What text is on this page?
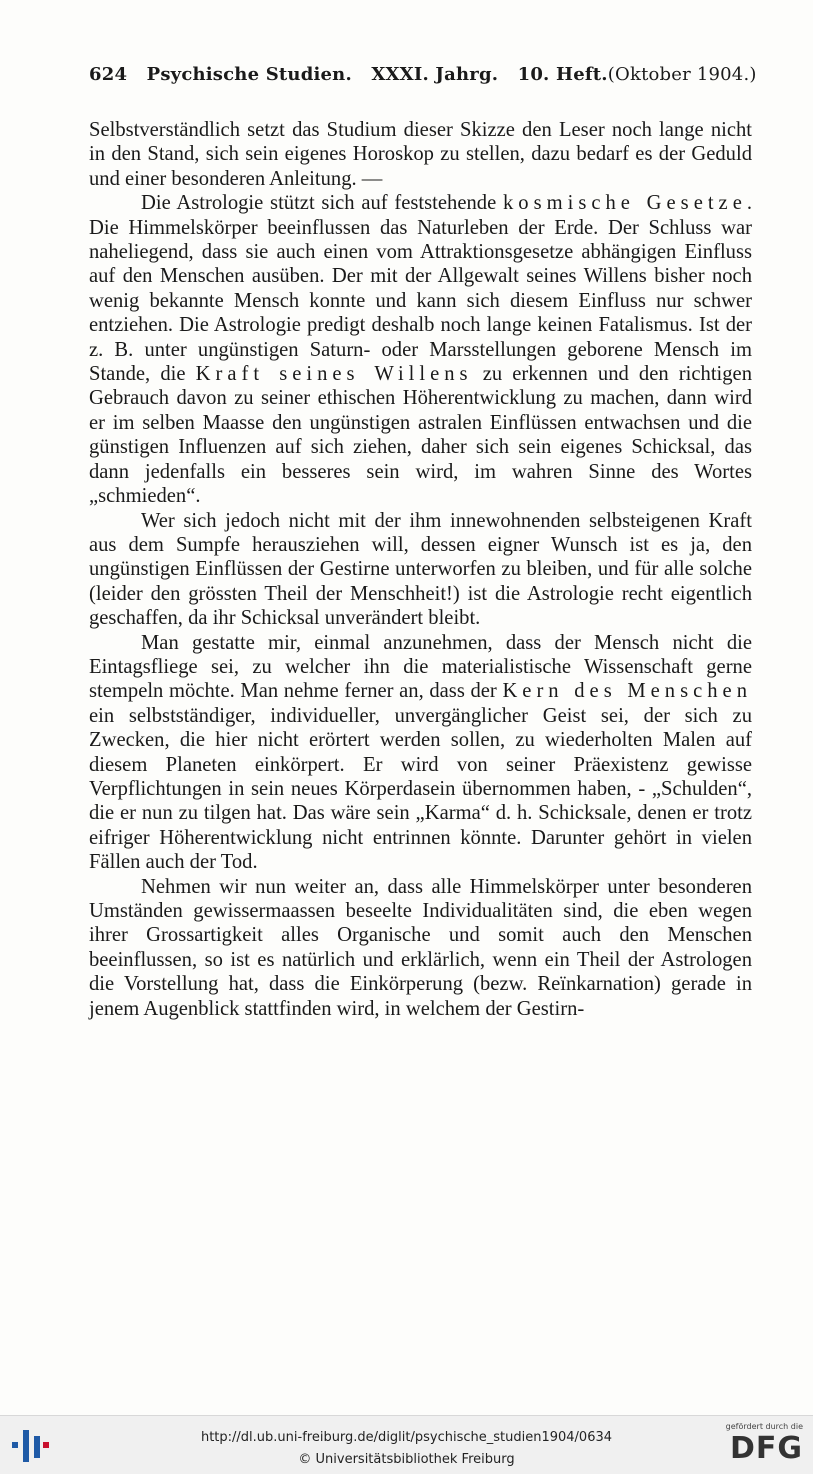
624 Psychische Studien. XXXI. Jahrg. 10. Heft. (Oktober 1904.)

Selbstverständlich setzt das Studium dieser Skizze den Leser noch lange nicht in den Stand, sich sein eigenes Horoskop zu stellen, dazu bedarf es der Geduld und einer besonderen Anleitung. —

Die Astrologie stützt sich auf feststehende kosmische Gesetze. Die Himmelskörper beeinflussen das Naturleben der Erde. Der Schluss war naheliegend, dass sie auch einen vom Attraktionsgesetze abhängigen Einfluss auf den Menschen ausüben. Der mit der Allgewalt seines Willens bisher noch wenig bekannte Mensch konnte und kann sich diesem Einfluss nur schwer entziehen. Die Astrologie predigt deshalb noch lange keinen Fatalismus. Ist der z. B. unter ungünstigen Saturn- oder Marsstellungen geborene Mensch im Stande, die Kraft seines Willens zu erkennen und den richtigen Gebrauch davon zu seiner ethischen Höherentwicklung zu machen, dann wird er im selben Maasse den ungünstigen astralen Einflüssen entwachsen und die günstigen Influenzen auf sich ziehen, daher sich sein eigenes Schicksal, das dann jedenfalls ein besseres sein wird, im wahren Sinne des Wortes „schmieden“.

Wer sich jedoch nicht mit der ihm innewohnenden selbsteigenen Kraft aus dem Sumpfe herausziehen will, dessen eigner Wunsch ist es ja, den ungünstigen Einflüssen der Gestirne unterworfen zu bleiben, und für alle solche (leider den grössten Theil der Menschheit!) ist die Astrologie recht eigentlich geschaffen, da ihr Schicksal unverändert bleibt.

Man gestatte mir, einmal anzunehmen, dass der Mensch nicht die Eintagsfliege sei, zu welcher ihn die materialistische Wissenschaft gerne stempeln möchte. Man nehme ferner an, dass der Kern des Menschen ein selbstständiger, individueller, unvergänglicher Geist sei, der sich zu Zwecken, die hier nicht erörtert werden sollen, zu wiederholten Malen auf diesem Planeten einkörpert. Er wird von seiner Präexistenz gewisse Verpflichtungen in sein neues Körperdasein übernommen haben, - „Schulden“, die er nun zu tilgen hat. Das wäre sein „Karma“ d. h. Schicksale, denen er trotz eifriger Höherentwicklung nicht entrinnen könnte. Darunter gehört in vielen Fällen auch der Tod.

Nehmen wir nun weiter an, dass alle Himmelskörper unter besonderen Umständen gewissermaassen beseelte Individualitäten sind, die eben wegen ihrer Grossartigkeit alles Organische und somit auch den Menschen beeinflussen, so ist es natürlich und erklärlich, wenn ein Theil der Astrologen die Vorstellung hat, dass die Einkörperung (bezw. Reïnkarnation) gerade in jenem Augenblick stattfinden wird, in welchem der Gestirn-

http://dl.ub.uni-freiburg.de/diglit/psychische_studien1904/0634
© Universitätsbibliothek Freiburg
gefördert durch die
DFG
